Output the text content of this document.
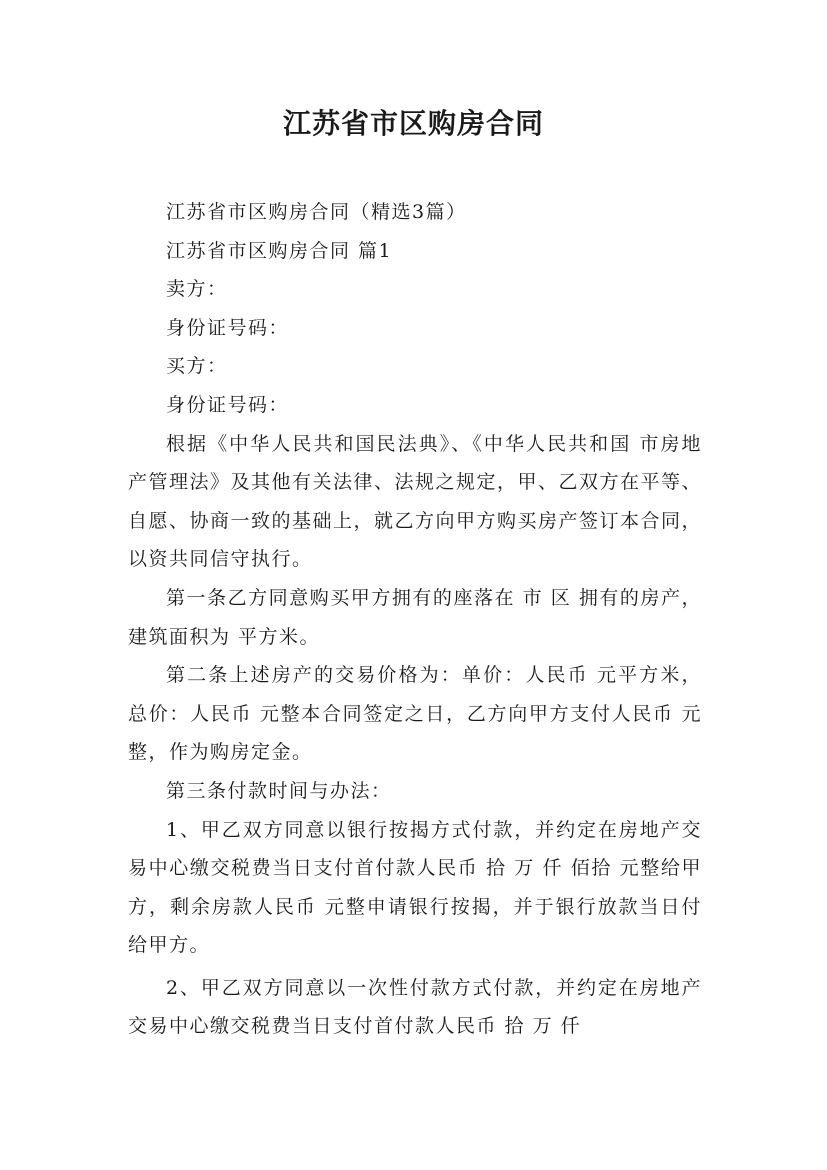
江苏省市区购房合同

江苏省市区购房合同（精选3篇）

江苏省市区购房合同 篇1

卖方：

身份证号码：

买方：

身份证号码：

根据《中华人民共和国民法典》、《中华人民共和国 市房地产管理法》及其他有关法律、法规之规定，甲、乙双方在平等、自愿、协商一致的基础上，就乙方向甲方购买房产签订本合同，以资共同信守执行。

第一条乙方同意购买甲方拥有的座落在 市 区 拥有的房产，建筑面积为 平方米。

第二条上述房产的交易价格为：单价：人民币 元平方米，总价：人民币 元整本合同签定之日，乙方向甲方支付人民币 元整，作为购房定金。

第三条付款时间与办法：

1、甲乙双方同意以银行按揭方式付款，并约定在房地产交易中心缴交税费当日支付首付款人民币 拾 万 仟 佰拾 元整给甲方，剩余房款人民币 元整申请银行按揭，并于银行放款当日付给甲方。

2、甲乙双方同意以一次性付款方式付款，并约定在房地产交易中心缴交税费当日支付首付款人民币 拾 万 仟
